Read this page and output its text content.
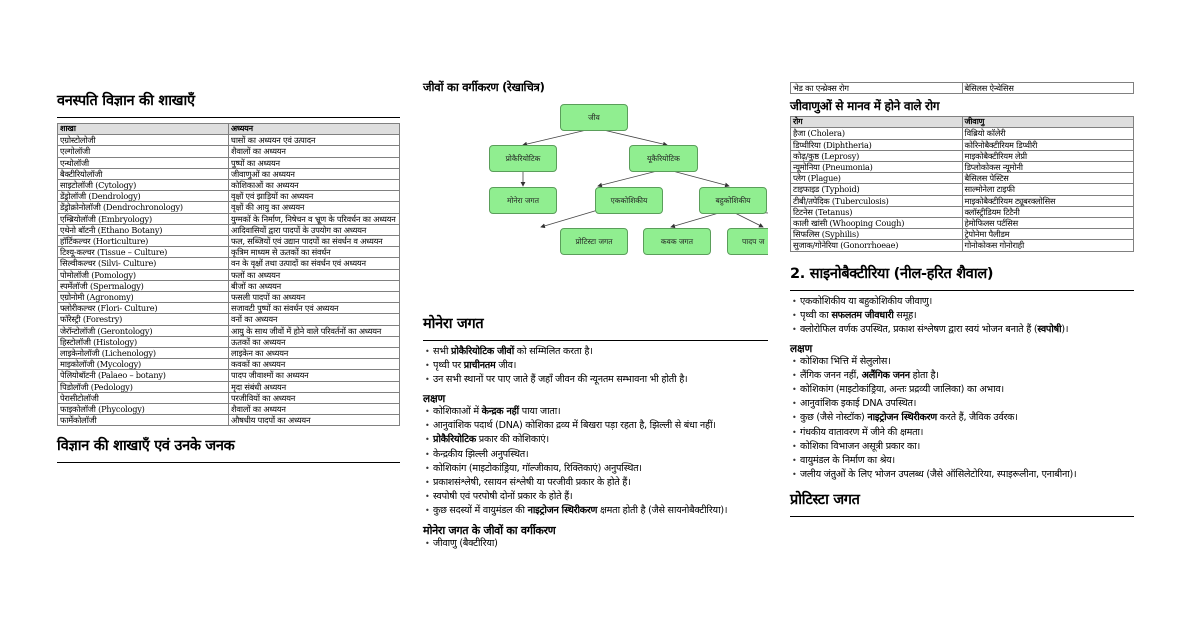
वनस्पति विज्ञान की शाखाएँ
शाखा	अध्ययन
एग्रोस्टोलोजी	घासों का अध्ययन एवं उत्पादन
एल्गोलॉजी	शैवालों का अध्ययन
एन्थोलॉजी	पुष्पों का अध्ययन
बैक्टीरियोलॉजी	जीवाणुओं का अध्ययन
साइटोलॉजी (Cytology)	कोशिकाओं का अध्ययन
डेंड्रोलॉजी (Dendrology)	वृक्षों एवं झाड़ियों का अध्ययन
डेंड्रोक्रोनोलॉजी (Dendrochronology)	वृक्षों की आयु का अध्ययन
एम्ब्रियोलॉजी (Embryology)	युग्मकों के निर्माण, निषेचन व भ्रूण के परिवर्धन का अध्ययन
एथेनो बॉटनी (Ethano Botany)	आदिवासियों द्वारा पादपों के उपयोग का अध्ययन
हॉर्टिकल्चर (Horticulture)	फल, सब्जियों एवं उद्यान पादपों का संवर्धन व अध्ययन
टिश्यू-कल्चर (Tissue – Culture)	कृत्रिम माध्यम से ऊतकों का संवर्धन
सिल्वीकल्चर (Silvi- Culture)	वन के वृक्षों तथा उत्पादों का संवर्धन एवं अध्ययन
पोमोलॉजी (Pomology)	फलों का अध्ययन
स्पर्मेलॉजी (Spermalogy)	बीजों का अध्ययन
एग्रोनोमी (Agronomy)	फसली पादपों का अध्ययन
फ्लोरीकल्चर (Flori- Culture)	सजावटी पुष्पों का संवर्धन एवं अध्ययन
फॉरेस्ट्री (Forestry)	वनों का अध्ययन
जेरॉन्टोलॉजी (Gerontology)	आयु के साथ जीवों में होने वाले परिवर्तनों का अध्ययन
हिस्टोलॉजी (Histology)	ऊतकों का अध्ययन
लाइकेनोलॉजी (Lichenology)	लाइकेन का अध्ययन
माइकोलॉजी (Mycology)	कवकों का अध्ययन
पेलियोबॉटनी (Palaeo – botany)	पादप जीवाश्मों का अध्ययन
पिडोलॉजी (Pedology)	मृदा संबंधी अध्ययन
पेरासीटोलॉजी	परजीवियों का अध्ययन
फाइकोलॉजी (Phycology)	शैवालों का अध्ययन
फार्मेकोलॉजी	औषधीय पादपों का अध्ययन
विज्ञान की शाखाएँ एवं उनके जनक
जीवों का वर्गीकरण (रेखाचित्र)
जीव
प्रोकैरियोटिक	यूकैरियोटिक
मोनेरा जगत	एककोशिकीय	बहुकोशिकीय
प्रोटिस्टा जगत	कवक जगत	पादप ज
मोनेरा जगत
• सभी प्रोकैरियोटिक जीवों को सम्मिलित करता है।
• पृथ्वी पर प्राचीनतम जीव।
• उन सभी स्थानों पर पाए जाते हैं जहाँ जीवन की न्यूनतम सम्भावना भी होती है।
लक्षण
• कोशिकाओं में केन्द्रक नहीं पाया जाता।
• आनुवांशिक पदार्थ (DNA) कोशिका द्रव्य में बिखरा पड़ा रहता है, झिल्ली से बंधा नहीं।
• प्रोकैरियोटिक प्रकार की कोशिकाएं।
• केन्द्रकीय झिल्ली अनुपस्थित।
• कोशिकांग (माइटोकांड्रिया, गॉल्जीकाय, रिक्तिकाएं) अनुपस्थित।
• प्रकाशसंश्लेषी, रसायन संश्लेषी या परजीवी प्रकार के होते हैं।
• स्वपोषी एवं परपोषी दोनों प्रकार के होते हैं।
• कुछ सदस्यों में वायुमंडल की नाइट्रोजन स्थिरीकरण क्षमता होती है (जैसे सायनोबैक्टीरिया)।
मोनेरा जगत के जीवों का वर्गीकरण
• जीवाणु (बैक्टीरिया)
भेड का एन्थ्रेक्स रोग	बेसिलस ऐन्थेसिस
जीवाणुओं से मानव में होने वाले रोग
रोग	जीवाणु
हैजा (Cholera)	विब्रियो कॉलेरी
डिप्थीरिया (Diphtheria)	कोरिनोबैक्टीरियम डिप्थीरी
कोढ़/कुष्ठ (Leprosy)	माइकोबैक्टीरियम लेप्री
न्यूमोनिया (Pneumonia)	डिप्लोकोकस न्यूमोनी
प्लेग (Plague)	बैसिलस पेस्टिस
टाइफाइड (Typhoid)	साल्मोनेला टाइफी
टीबी/तपेदिक (Tuberculosis)	माइकोबैक्टीरियम ट्यूबरक्लोसिस
टिटनेस (Tetanus)	क्लॉस्ट्रीडियम टिटैनी
काली खांसी (Whooping Cough)	हेमोफिलस पर्टसिस
सिफलिस (Syphilis)	ट्रेपोनेमा पैलीडम
सुजाक/गोनेरिया (Gonorrhoeae)	गोनोकोकस गोनोराही
2. साइनोबैक्टीरिया (नील-हरित शैवाल)
• एककोशिकीय या बहुकोशिकीय जीवाणु।
• पृथ्वी का सफलतम जीवधारी समूह।
• क्लोरोफिल वर्णक उपस्थित, प्रकाश संश्लेषण द्वारा स्वयं भोजन बनाते हैं (स्वपोषी)।
लक्षण
• कोशिका भित्ति में सेलुलोस।
• लैंगिक जनन नहीं, अलैंगिक जनन होता है।
• कोशिकांग (माइटोकांड्रिया, अन्तः प्रद्रव्यी जालिका) का अभाव।
• आनुवांशिक इकाई DNA उपस्थित।
• कुछ (जैसे नोस्टॉक) नाइट्रोजन स्थिरीकरण करते हैं, जैविक उर्वरक।
• गंधकीय वातावरण में जीने की क्षमता।
• कोशिका विभाजन असूत्री प्रकार का।
• वायुमंडल के निर्माण का श्रेय।
• जलीय जंतुओं के लिए भोजन उपलब्ध (जैसे ऑसिलेटोरिया, स्पाइरूलीना, एनाबीना)।
प्रोटिस्टा जगत
